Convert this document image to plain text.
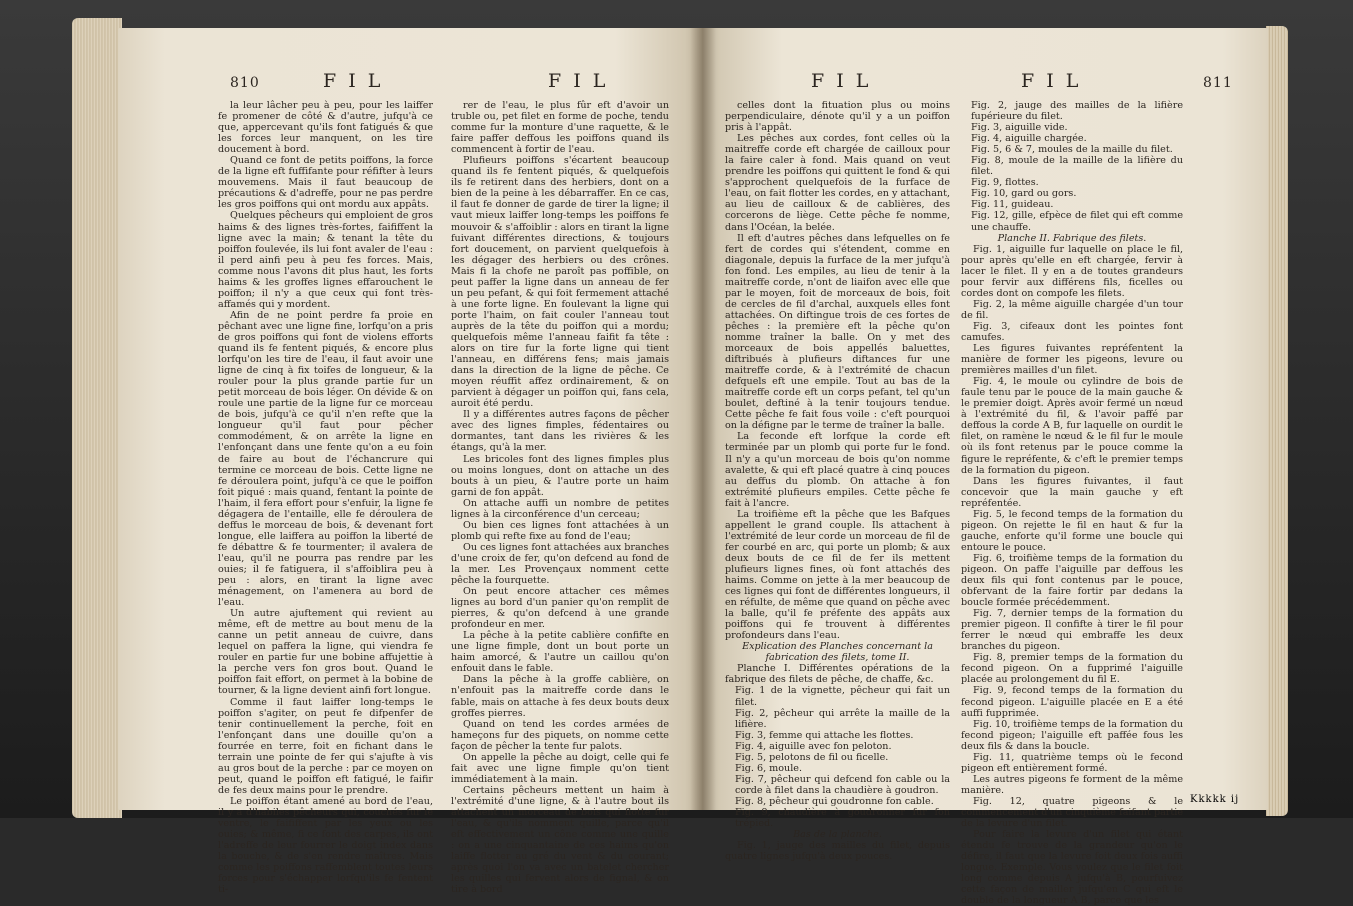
810	F I L	F I L

la leur lâcher peu à peu, pour les laiffer fe promener de côté & d'autre, jufqu'à ce que, appercevant qu'ils font fatigués & que les forces leur manquent, on les tire doucement à bord.

Quand ce font de petits poiffons, la force de la ligne eft fuffifante pour réfifter à leurs mouvemens. Mais il faut beaucoup de précautions & d'adreffe, pour ne pas perdre les gros poiffons qui ont mordu aux appâts.

Quelques pêcheurs qui emploient de gros haims & des lignes très-fortes, faififfent la ligne avec la main; & tenant la tête du poiffon foulevée, ils lui font avaler de l'eau : il perd ainfi peu à peu fes forces. Mais, comme nous l'avons dit plus haut, les forts haims & les groffes lignes effarouchent le poiffon; il n'y a que ceux qui font très-affamés qui y mordent.

Afin de ne point perdre fa proie en pêchant avec une ligne fine, lorfqu'on a pris de gros poiffons qui font de violens efforts quand ils fe fentent piqués, & encore plus lorfqu'on les tire de l'eau, il faut avoir une ligne de cinq à fix toifes de longueur, & la rouler pour la plus grande partie fur un petit morceau de bois léger. On dévide & on roule une partie de la ligne fur ce morceau de bois, jufqu'à ce qu'il n'en refte que la longueur qu'il faut pour pêcher commodément, & on arrête la ligne en l'enfonçant dans une fente qu'on a eu foin de faire au bout de l'échancrure qui termine ce morceau de bois. Cette ligne ne fe déroulera point, jufqu'à ce que le poiffon foit piqué : mais quand, fentant la pointe de l'haim, il fera effort pour s'enfuir, la ligne fe dégagera de l'entaille, elle fe déroulera de deffus le morceau de bois, & devenant fort longue, elle laiffera au poiffon la liberté de fe débattre & fe tourmenter; il avalera de l'eau, qu'il ne pourra pas rendre par les ouies; il fe fatiguera, il s'affoiblira peu à peu : alors, en tirant la ligne avec ménagement, on l'amenera au bord de l'eau.

Un autre ajuftement qui revient au même, eft de mettre au bout menu de la canne un petit anneau de cuivre, dans lequel on paffera la ligne, qui viendra fe rouler en partie fur une bobine affujettie à la perche vers fon gros bout. Quand le poiffon fait effort, on permet à la bobine de tourner, & la ligne devient ainfi fort longue.

Comme il faut laiffer long-temps le poiffon s'agiter, on peut fe difpenfer de tenir continuellement la perche, foit en l'enfonçant dans une douille qu'on a fourrée en terre, foit en fichant dans le terrain une pointe de fer qui s'ajufte à vis au gros bout de la perche : par ce moyen on peut, quand le poiffon eft fatigué, le faifir de fes deux mains pour le prendre.

Le poiffon étant amené au bord de l'eau, il y a d'habiles pêcheurs qui, couchés fur le ventre, le faififfent par les yeux ou les ouies; & même, fi ce font des carpes, ils ont l'adreffe de leur fourrer le doigt index dans la bouche, & de s'en rendre maîtres. Mais comme les poiffons raffemblent toutes leurs forces pour s'échapper lorfqu'ils fe fentent ti-

rer de l'eau, le plus fûr eft d'avoir un truble ou, pet filet en forme de poche, tendu comme fur la monture d'une raquette, & le faire paffer deffous les poiffons quand ils commencent à fortir de l'eau.

Plufieurs poiffons s'écartent beaucoup quand ils fe fentent piqués, & quelquefois ils fe retirent dans des herbiers, dont on a bien de la peine à les débarraffer. En ce cas, il faut fe donner de garde de tirer la ligne; il vaut mieux laiffer long-temps les poiffons fe mouvoir & s'affoiblir : alors en tirant la ligne fuivant différentes directions, & toujours fort doucement, on parvient quelquefois à les dégager des herbiers ou des crônes. Mais fi la chofe ne paroît pas poffible, on peut paffer la ligne dans un anneau de fer un peu pefant, & qui foit fermement attaché à une forte ligne. En foulevant la ligne qui porte l'haim, on fait couler l'anneau tout auprès de la tête du poiffon qui a mordu; quelquefois même l'anneau faifit fa tête : alors on tire fur la forte ligne qui tient l'anneau, en différens fens; mais jamais dans la direction de la ligne de pêche. Ce moyen réuffit affez ordinairement, & on parvient à dégager un poiffon qui, fans cela, auroit été perdu.

Il y a différentes autres façons de pêcher avec des lignes fimples, fédentaires ou dormantes, tant dans les rivières & les étangs, qu'à la mer.

Les bricoles font des lignes fimples plus ou moins longues, dont on attache un des bouts à un pieu, & l'autre porte un haim garni de fon appât.

On attache auffi un nombre de petites lignes à la circonférence d'un cerceau;

Ou bien ces lignes font attachées à un plomb qui refte fixe au fond de l'eau;

Ou ces lignes font attachées aux branches d'une croix de fer, qu'on defcend au fond de la mer. Les Provençaux nomment cette pêche la fourquette.

On peut encore attacher ces mêmes lignes au bord d'un panier qu'on remplit de pierres, & qu'on defcend à une grande profondeur en mer.

La pêche à la petite cablière confifte en une ligne fimple, dont un bout porte un haim amorcé, & l'autre un caillou qu'on enfouit dans le fable.

Dans la pêche à la groffe cablière, on n'enfouit pas la maitreffe corde dans le fable, mais on attache à fes deux bouts deux groffes pierres.

Quand on tend les cordes armées de hameçons fur des piquets, on nomme cette façon de pêcher la tente fur palots.

On appelle la pêche au doigt, celle qui fe fait avec une ligne fimple qu'on tient immédiatement à la main.

Certains pêcheurs mettent un haim à l'extrémité d'une ligne, & à l'autre bout ils attachent un morceau de bois qui flotte fur l'eau, & qu'ils nomment quille, parce qu'il eft effectivement un cône comme une quille : on a une cinquantaine de ces haims qu'on laiffe flotter au gré du vent & du courant; après quoi l'on va avec un batelet chercher les quilles qui fervent alors de fignal, & on tire à bord

F I L	F I L	811

celles dont la fituation plus ou moins perpendiculaire, dénote qu'il y a un poiffon pris à l'appât.

Les pêches aux cordes, font celles où la maitreffe corde eft chargée de cailloux pour la faire caler à fond. Mais quand on veut prendre les poiffons qui quittent le fond & qui s'approchent quelquefois de la furface de l'eau, on fait flotter les cordes, en y attachant, au lieu de cailloux & de cablières, des corcerons de liège. Cette pêche fe nomme, dans l'Océan, la belée.

Il eft d'autres pêches dans lefquelles on fe fert de cordes qui s'étendent, comme en diagonale, depuis la furface de la mer jufqu'à fon fond. Les empiles, au lieu de tenir à la maitreffe corde, n'ont de liaifon avec elle que par le moyen, foit de morceaux de bois, foit de cercles de fil d'archal, auxquels elles font attachées. On diftingue trois de ces fortes de pêches : la première eft la pêche qu'on nomme traîner la balle. On y met des morceaux de bois appellés baluettes, diftribués à plufieurs diftances fur une maitreffe corde, & à l'extrémité de chacun defquels eft une empile. Tout au bas de la maitreffe corde eft un corps pefant, tel qu'un boulet, deftiné à la tenir toujours tendue. Cette pêche fe fait fous voile : c'eft pourquoi on la défigne par le terme de traîner la balle.

La feconde eft lorfque la corde eft terminée par un plomb qui porte fur le fond. Il n'y a qu'un morceau de bois qu'on nomme avalette, & qui eft placé quatre à cinq pouces au deffus du plomb. On attache à fon extrémité plufieurs empiles. Cette pêche fe fait à l'ancre.

La troifième eft la pêche que les Bafques appellent le grand couple. Ils attachent à l'extrémité de leur corde un morceau de fil de fer courbé en arc, qui porte un plomb; & aux deux bouts de ce fil de fer ils mettent plufieurs lignes fines, où font attachés des haims. Comme on jette à la mer beaucoup de ces lignes qui font de différentes longueurs, il en réfulte, de même que quand on pêche avec la balle, qu'il fe préfente des appâts aux poiffons qui fe trouvent à différentes profondeurs dans l'eau.

Explication des Planches concernant la fabrication des filets, tome II.

Planche I. Différentes opérations de la fabrique des filets de pêche, de chaffe, &c.

Fig. 1 de la vignette, pêcheur qui fait un filet.

Fig. 2, pêcheur qui arrête la maille de la lifière.

Fig. 3, femme qui attache les flottes.

Fig. 4, aiguille avec fon peloton.

Fig. 5, pelotons de fil ou ficelle.

Fig. 6, moule.

Fig. 7, pêcheur qui defcend fon cable ou la corde à filet dans la chaudière à goudron.

Fig. 8, pêcheur qui goudronne fon cable.

Fig. 9, chaudière à goudronner fur fon trépied.

Bas de la planche.

Fig. 1, jauge des mailles du filet, depuis quatre lignes jufqu'à deux pouces.

Fig. 2, jauge des mailles de la lifière fupérieure du filet.

Fig. 3, aiguille vide.

Fig. 4, aiguille chargée.

Fig. 5, 6 & 7, moules de la maille du filet.

Fig. 8, moule de la maille de la lifière du filet.

Fig. 9, flottes.

Fig. 10, gard ou gors.

Fig. 11, guideau.

Fig. 12, gille, efpèce de filet qui eft comme une chauffe.

Planche II. Fabrique des filets.

Fig. 1, aiguille fur laquelle on place le fil, pour après qu'elle en eft chargée, fervir à lacer le filet. Il y en a de toutes grandeurs pour fervir aux différens fils, ficelles ou cordes dont on compofe les filets.

Fig. 2, la même aiguille chargée d'un tour de fil.

Fig. 3, cifeaux dont les pointes font camufes.

Les figures fuivantes repréfentent la manière de former les pigeons, levure ou premières mailles d'un filet.

Fig. 4, le moule ou cylindre de bois de faule tenu par le pouce de la main gauche & le premier doigt. Après avoir fermé un nœud à l'extrémité du fil, & l'avoir paffé par deffous la corde A B, fur laquelle on ourdit le filet, on ramène le nœud & le fil fur le moule où ils font retenus par le pouce comme la figure le repréfente, & c'eft le premier temps de la formation du pigeon.

Dans les figures fuivantes, il faut concevoir que la main gauche y eft repréfentée.

Fig. 5, le fecond temps de la formation du pigeon. On rejette le fil en haut & fur la gauche, enforte qu'il forme une boucle qui entoure le pouce.

Fig. 6, troifième temps de la formation du pigeon. On paffe l'aiguille par deffous les deux fils qui font contenus par le pouce, obfervant de la faire fortir par dedans la boucle formée précédemment.

Fig. 7, dernier temps de la formation du premier pigeon. Il confifte à tirer le fil pour ferrer le nœud qui embraffe les deux branches du pigeon.

Fig. 8, premier temps de la formation du fecond pigeon. On a fupprimé l'aiguille placée au prolongement du fil E.

Fig. 9, fecond temps de la formation du fecond pigeon. L'aiguille placée en E a été auffi fupprimée.

Fig. 10, troifième temps de la formation du fecond pigeon; l'aiguille eft paffée fous les deux fils & dans la boucle.

Fig. 11, quatrième temps où le fecond pigeon eft entièrement formé.

Les autres pigeons fe forment de la même manière.

Fig. 12, quatre pigeons & le commencement d'un cinquième faifant partie de la levure d'un filet.

Pour faire la levure d'un filet qui étant étendu fe trouve de la grandeur qu'on le défire, il faut que la levure foit deux fois auffi longue. Exemple. Vous voulez que le filet foit long comme depuis A jufqu'à B, pourfuivez cette façon de mailler jufqu'en C qui eft le double de la longueur A B, parce que les

Kkkkk ij
